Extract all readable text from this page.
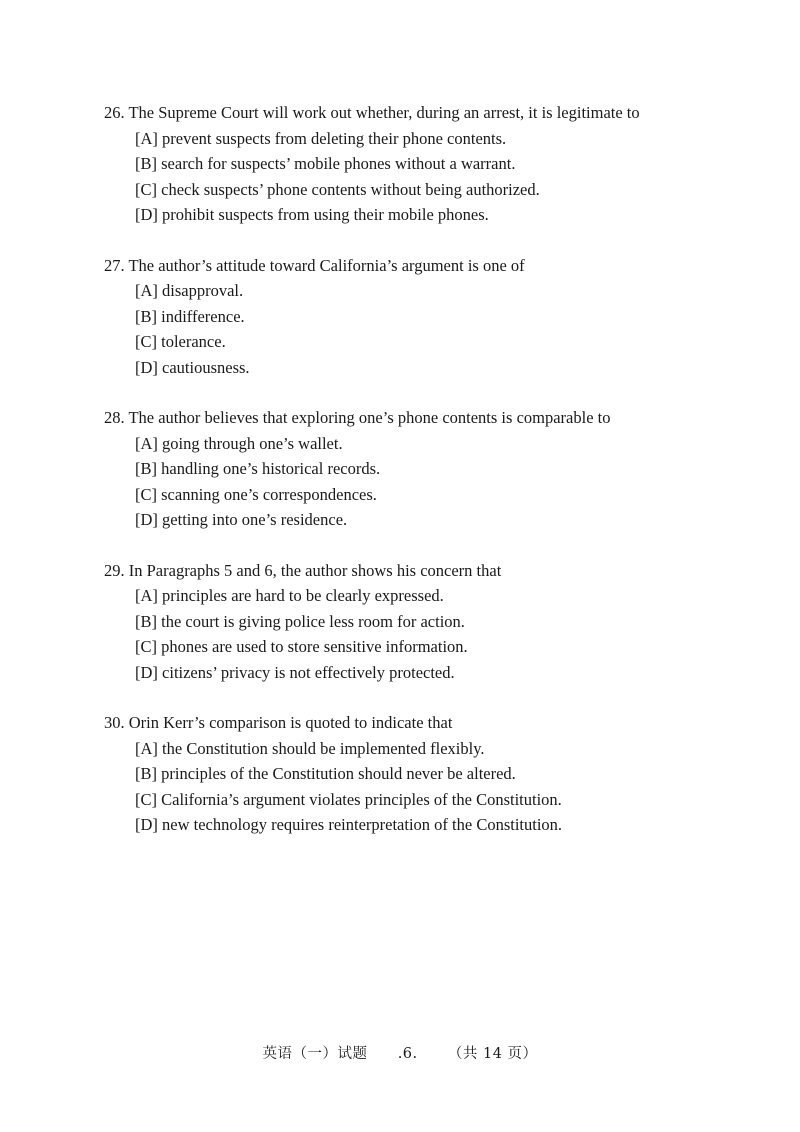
26. The Supreme Court will work out whether, during an arrest, it is legitimate to
[A] prevent suspects from deleting their phone contents.
[B] search for suspects’ mobile phones without a warrant.
[C] check suspects’ phone contents without being authorized.
[D] prohibit suspects from using their mobile phones.
27. The author’s attitude toward California’s argument is one of
[A] disapproval.
[B] indifference.
[C] tolerance.
[D] cautiousness.
28. The author believes that exploring one’s phone contents is comparable to
[A] going through one’s wallet.
[B] handling one’s historical records.
[C] scanning one’s correspondences.
[D] getting into one’s residence.
29. In Paragraphs 5 and 6, the author shows his concern that
[A] principles are hard to be clearly expressed.
[B] the court is giving police less room for action.
[C] phones are used to store sensitive information.
[D] citizens’ privacy is not effectively protected.
30. Orin Kerr’s comparison is quoted to indicate that
[A] the Constitution should be implemented flexibly.
[B] principles of the Constitution should never be altered.
[C] California’s argument violates principles of the Constitution.
[D] new technology requires reinterpretation of the Constitution.
英语（一）试题 .6. （共 14 页）
